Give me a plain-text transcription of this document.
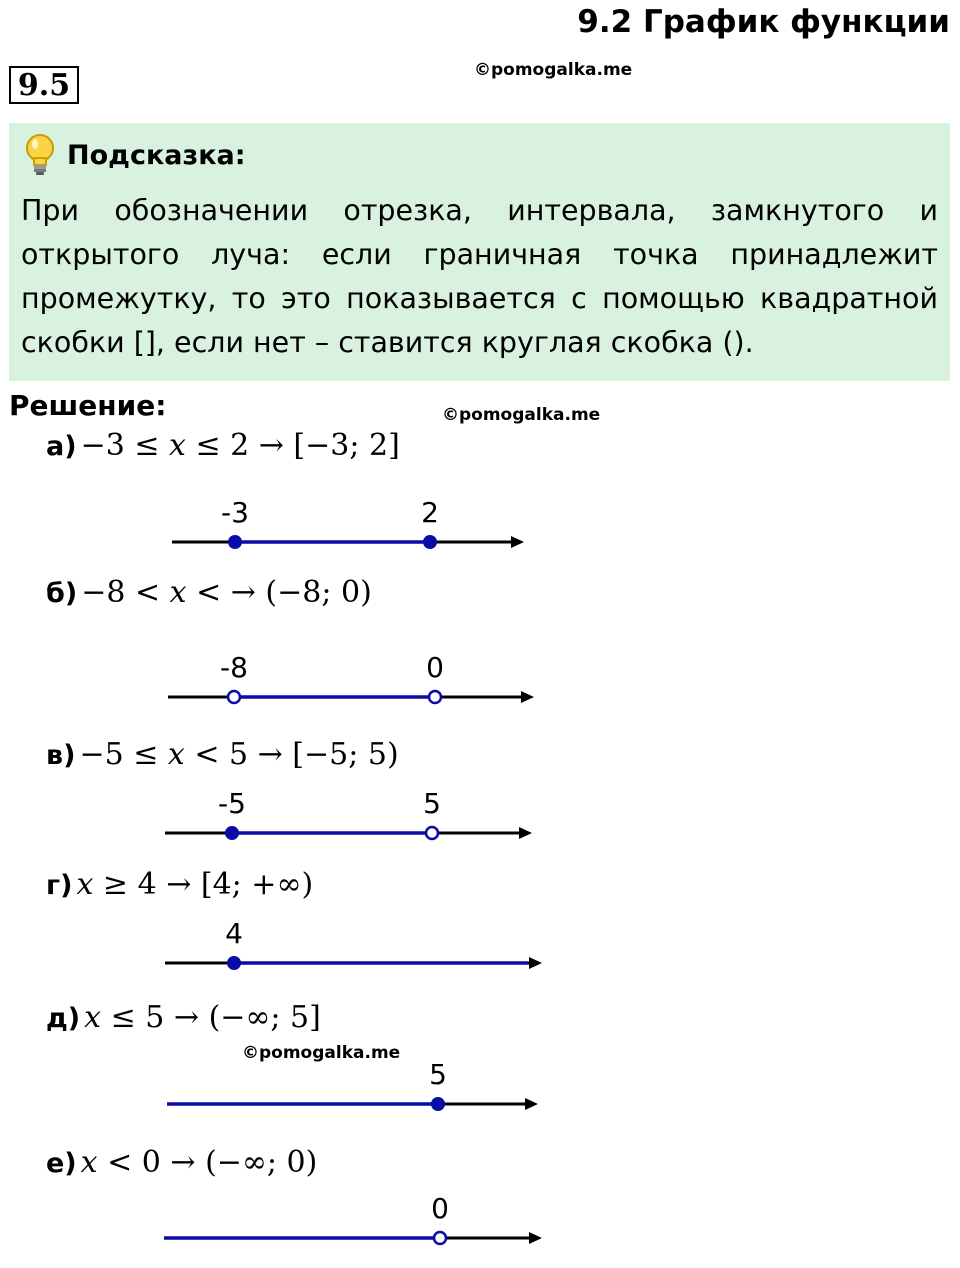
9.2 График функции
9.5	©pomogalka.me
Подсказка:
При обозначении отрезка, интервала, замкнутого и открытого луча: если граничная точка принадлежит промежутку, то это показывается с помощью квадратной скобки [], если нет – ставится круглая скобка ().
Решение:	©pomogalka.me
а) −3 ≤ 𝑥 ≤ 2 → [−3; 2]
-3	2
б) −8 < 𝑥 < → (−8; 0)
-8	0
в) −5 ≤ 𝑥 < 5 → [−5; 5)
-5	5
г) 𝑥 ≥ 4 → [4; +∞)
4
д) 𝑥 ≤ 5 → (−∞; 5]
©pomogalka.me
5
е) 𝑥 < 0 → (−∞; 0)
0
